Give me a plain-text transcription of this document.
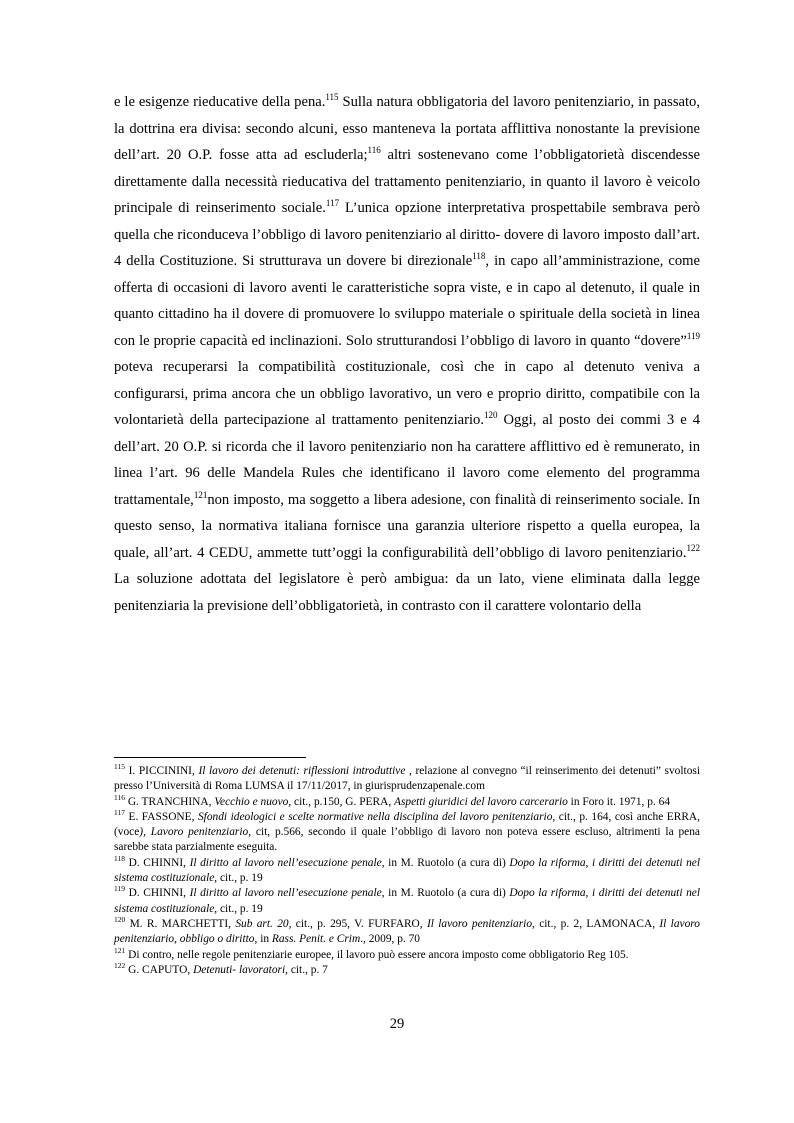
e le esigenze rieducative della pena.$^{115}$ Sulla natura obbligatoria del lavoro penitenziario, in passato, la dottrina era divisa: secondo alcuni, esso manteneva la portata afflittiva nonostante la previsione dell’art. 20 O.P. fosse atta ad escluderla;$^{116}$ altri sostenevano come l’obbligatorietà discendesse direttamente dalla necessità rieducativa del trattamento penitenziario, in quanto il lavoro è veicolo principale di reinserimento sociale.$^{117}$ L’unica opzione interpretativa prospettabile sembrava però quella che riconduceva l’obbligo di lavoro penitenziario al diritto- dovere di lavoro imposto dall’art. 4 della Costituzione. Si strutturava un dovere bi direzionale$^{118}$, in capo all’amministrazione, come offerta di occasioni di lavoro aventi le caratteristiche sopra viste, e in capo al detenuto, il quale in quanto cittadino ha il dovere di promuovere lo sviluppo materiale o spirituale della società in linea con le proprie capacità ed inclinazioni. Solo strutturandosi l’obbligo di lavoro in quanto “dovere”$^{119}$ poteva recuperarsi la compatibilità costituzionale, così che in capo al detenuto veniva a configurarsi, prima ancora che un obbligo lavorativo, un vero e proprio diritto, compatibile con la volontarietà della partecipazione al trattamento penitenziario.$^{120}$ Oggi, al posto dei commi 3 e 4 dell’art. 20 O.P. si ricorda che il lavoro penitenziario non ha carattere afflittivo ed è remunerato, in linea l’art. 96 delle Mandela Rules che identificano il lavoro come elemento del programma trattamentale,$^{121}$non imposto, ma soggetto a libera adesione, con finalità di reinserimento sociale. In questo senso, la normativa italiana fornisce una garanzia ulteriore rispetto a quella europea, la quale, all’art. 4 CEDU, ammette tutt’oggi la configurabilità dell’obbligo di lavoro penitenziario.$^{122}$ La soluzione adottata del legislatore è però ambigua: da un lato, viene eliminata dalla legge penitenziaria la previsione dell’obbligatorietà, in contrasto con il carattere volontario della

$^{115}$ I. PICCININI, Il lavoro dei detenuti: riflessioni introduttive , relazione al convegno “il reinserimento dei detenuti” svoltosi presso l’Università di Roma LUMSA il 17/11/2017, in giurisprudenzapenale.com

$^{116}$ G. TRANCHINA, Vecchio e nuovo, cit., p.150, G. PERA, Aspetti giuridici del lavoro carcerario in Foro it. 1971, p. 64

$^{117}$ E. FASSONE, Sfondi ideologici e scelte normative nella disciplina del lavoro penitenziario, cit., p. 164, così anche ERRA, (voce), Lavoro penitenziario, cit, p.566, secondo il quale l’obbligo di lavoro non poteva essere escluso, altrimenti la pena sarebbe stata parzialmente eseguita.

$^{118}$ D. CHINNI, Il diritto al lavoro nell’esecuzione penale, in M. Ruotolo (a cura di) Dopo la riforma, i diritti dei detenuti nel sistema costituzionale, cit., p. 19

$^{119}$ D. CHINNI, Il diritto al lavoro nell’esecuzione penale, in M. Ruotolo (a cura di) Dopo la riforma, i diritti dei detenuti nel sistema costituzionale, cit., p. 19

$^{120}$ M. R. MARCHETTI, Sub art. 20, cit., p. 295, V. FURFARO, Il lavoro penitenziario, cit., p. 2, LAMONACA, Il lavoro penitenziario, obbligo o diritto, in Rass. Penit. e Crim., 2009, p. 70

$^{121}$ Di contro, nelle regole penitenziarie europee, il lavoro può essere ancora imposto come obbligatorio Reg 105.

$^{122}$ G. CAPUTO, Detenuti- lavoratori, cit., p. 7

29
